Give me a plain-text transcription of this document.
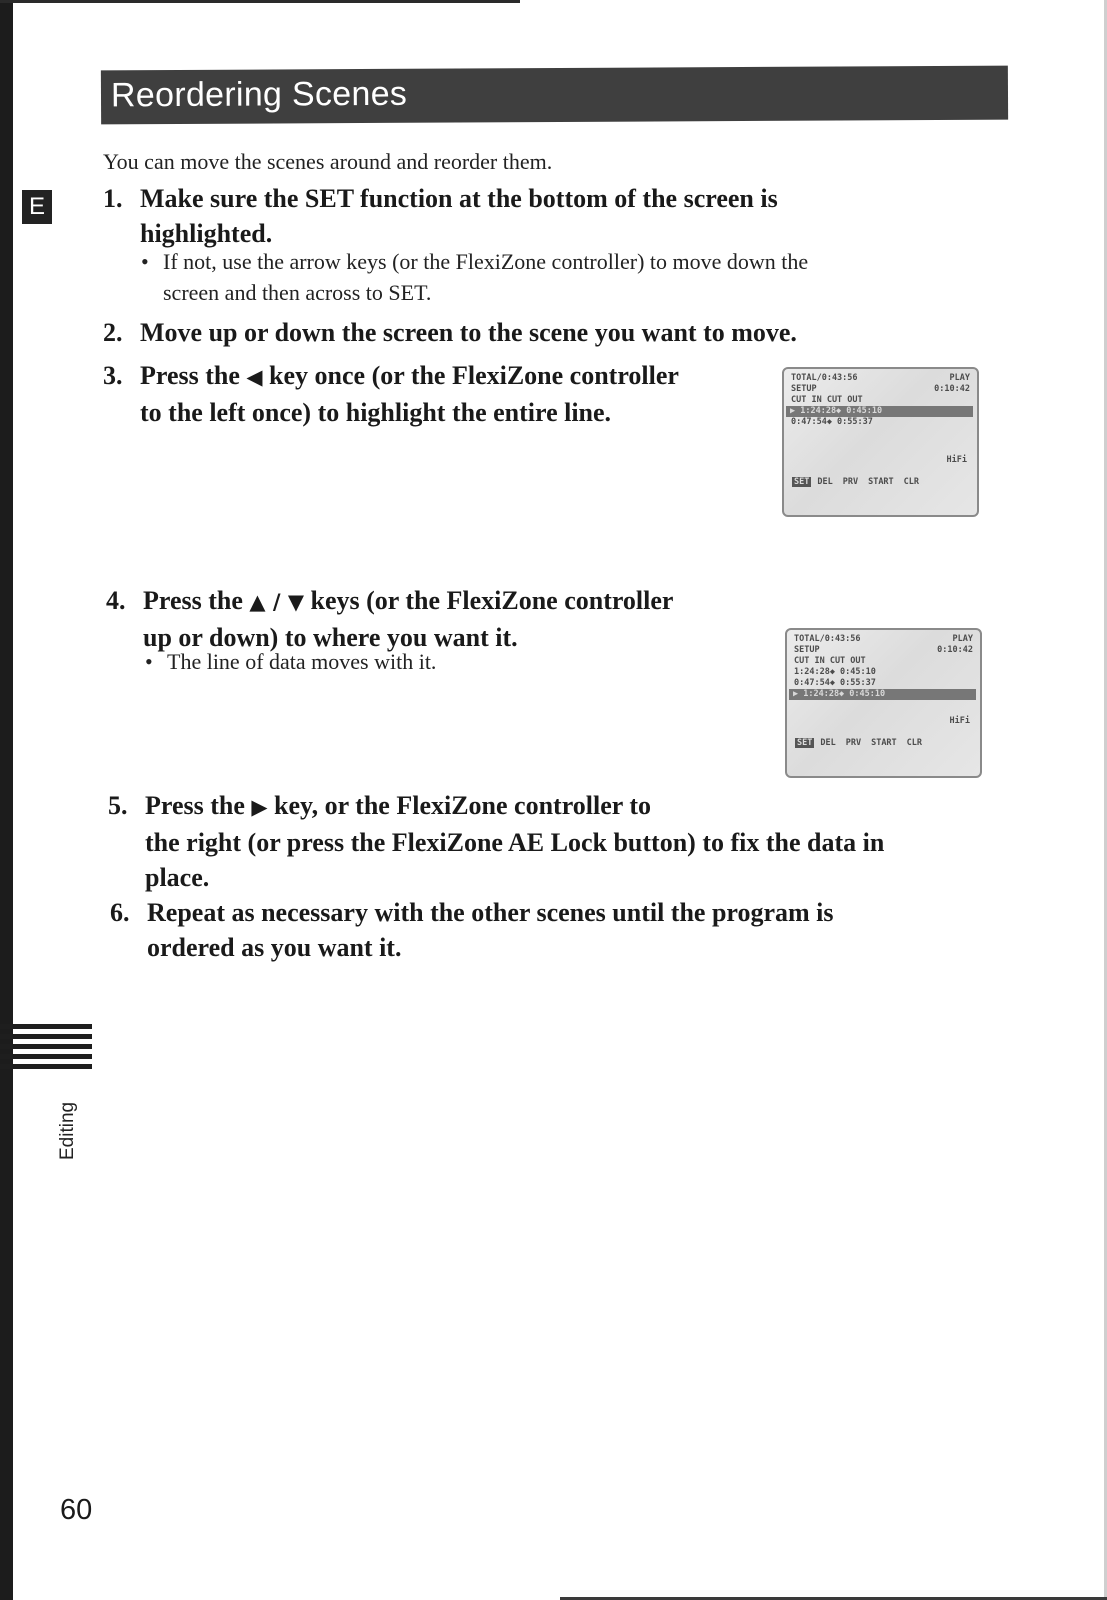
Reordering Scenes
E
You can move the scenes around and reorder them.
1. Make sure the SET function at the bottom of the screen is
highlighted.
• If not, use the arrow keys (or the FlexiZone controller) to move down the
screen and then across to SET.
2. Move up or down the screen to the scene you want to move.
3. Press the ◀ key once (or the FlexiZone controller
to the left once) to highlight the entire line.
TOTAL/0:43:56	PLAY
SETUP	0:10:42
CUT IN CUT OUT
▶ 1:24:28◆ 0:45:10
0:47:54◆ 0:55:37
HiFi
SET DEL PRV START CLR
4. Press the ▲ / ▼ keys (or the FlexiZone controller
up or down) to where you want it.
• The line of data moves with it.
TOTAL/0:43:56	PLAY
SETUP	0:10:42
CUT IN CUT OUT
1:24:28◆ 0:45:10
0:47:54◆ 0:55:37
▶ 1:24:28◆ 0:45:10
HiFi
SET DEL PRV START CLR
5. Press the ▶ key, or the FlexiZone controller to
the right (or press the FlexiZone AE Lock button) to fix the data in
place.
6. Repeat as necessary with the other scenes until the program is
ordered as you want it.
Editing
60
